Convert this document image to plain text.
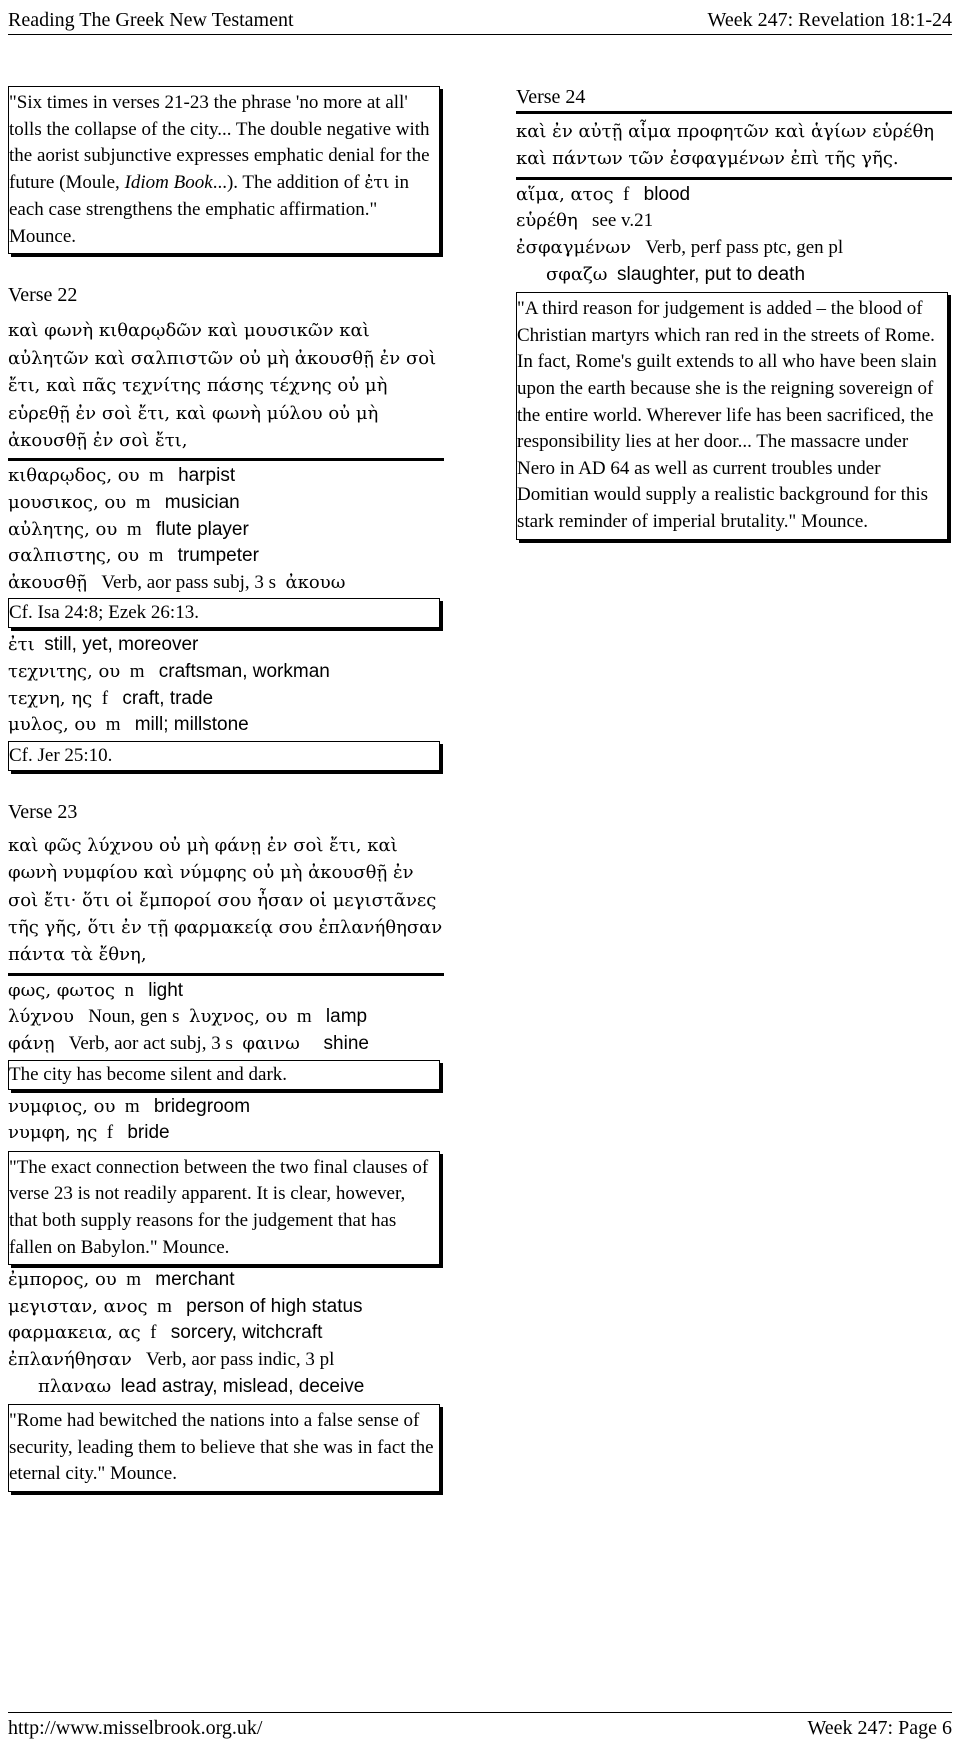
Reading The Greek New Testament	Week 247: Revelation 18:1-24
"Six times in verses 21-23 the phrase 'no more at all' tolls the collapse of the city... The double negative with the aorist subjunctive expresses emphatic denial for the future (Moule, Idiom Book...). The addition of ἐτι in each case strengthens the emphatic affirmation." Mounce.
Verse 22
καὶ φωνὴ κιθαρῳδῶν καὶ μουσικῶν καὶ αὐλητῶν καὶ σαλπιστῶν οὐ μὴ ἀκουσθῇ ἐν σοὶ ἔτι, καὶ πᾶς τεχνίτης πάσης τέχνης οὐ μὴ εὑρεθῇ ἐν σοὶ ἔτι, καὶ φωνὴ μύλου οὐ μὴ ἀκουσθῇ ἐν σοὶ ἔτι,
κιθαρῳδος, ου m harpist
μουσικος, ου m musician
αὐλητης, ου m flute player
σαλπιστης, ου m trumpeter
ἀκουσθῇ Verb, aor pass subj, 3 s ἀκουω
Cf. Isa 24:8; Ezek 26:13.
ἐτι still, yet, moreover
τεχνιτης, ου m craftsman, workman
τεχνη, ης f craft, trade
μυλος, ου m mill; millstone
Cf. Jer 25:10.
Verse 23
καὶ φῶς λύχνου οὐ μὴ φάνῃ ἐν σοὶ ἔτι, καὶ φωνὴ νυμφίου καὶ νύμφης οὐ μὴ ἀκουσθῇ ἐν σοὶ ἔτι· ὅτι οἱ ἔμποροί σου ἦσαν οἱ μεγιστᾶνες τῆς γῆς, ὅτι ἐν τῇ φαρμακείᾳ σου ἐπλανήθησαν πάντα τὰ ἔθνη,
φως, φωτος n light
λύχνου Noun, gen s λυχνος, ου m lamp
φάνῃ Verb, aor act subj, 3 s φαινω shine
The city has become silent and dark.
νυμφιος, ου m bridegroom
νυμφη, ης f bride
"The exact connection between the two final clauses of verse 23 is not readily apparent. It is clear, however, that both supply reasons for the judgement that has fallen on Babylon." Mounce.
ἐμπορος, ου m merchant
μεγισταν, ανος m person of high status
φαρμακεια, ας f sorcery, witchcraft
ἐπλανήθησαν Verb, aor pass indic, 3 pl
πλαναω lead astray, mislead, deceive
"Rome had bewitched the nations into a false sense of security, leading them to believe that she was in fact the eternal city." Mounce.
Verse 24
καὶ ἐν αὐτῇ αἷμα προφητῶν καὶ ἁγίων εὑρέθη καὶ πάντων τῶν ἐσφαγμένων ἐπὶ τῆς γῆς.
αἵμα, ατος f blood
εὑρέθη see v.21
ἐσφαγμένων Verb, perf pass ptc, gen pl
σφαζω slaughter, put to death
"A third reason for judgement is added – the blood of Christian martyrs which ran red in the streets of Rome. In fact, Rome's guilt extends to all who have been slain upon the earth because she is the reigning sovereign of the entire world. Wherever life has been sacrificed, the responsibility lies at her door... The massacre under Nero in AD 64 as well as current troubles under Domitian would supply a realistic background for this stark reminder of imperial brutality." Mounce.
http://www.misselbrook.org.uk/	Week 247: Page 6
